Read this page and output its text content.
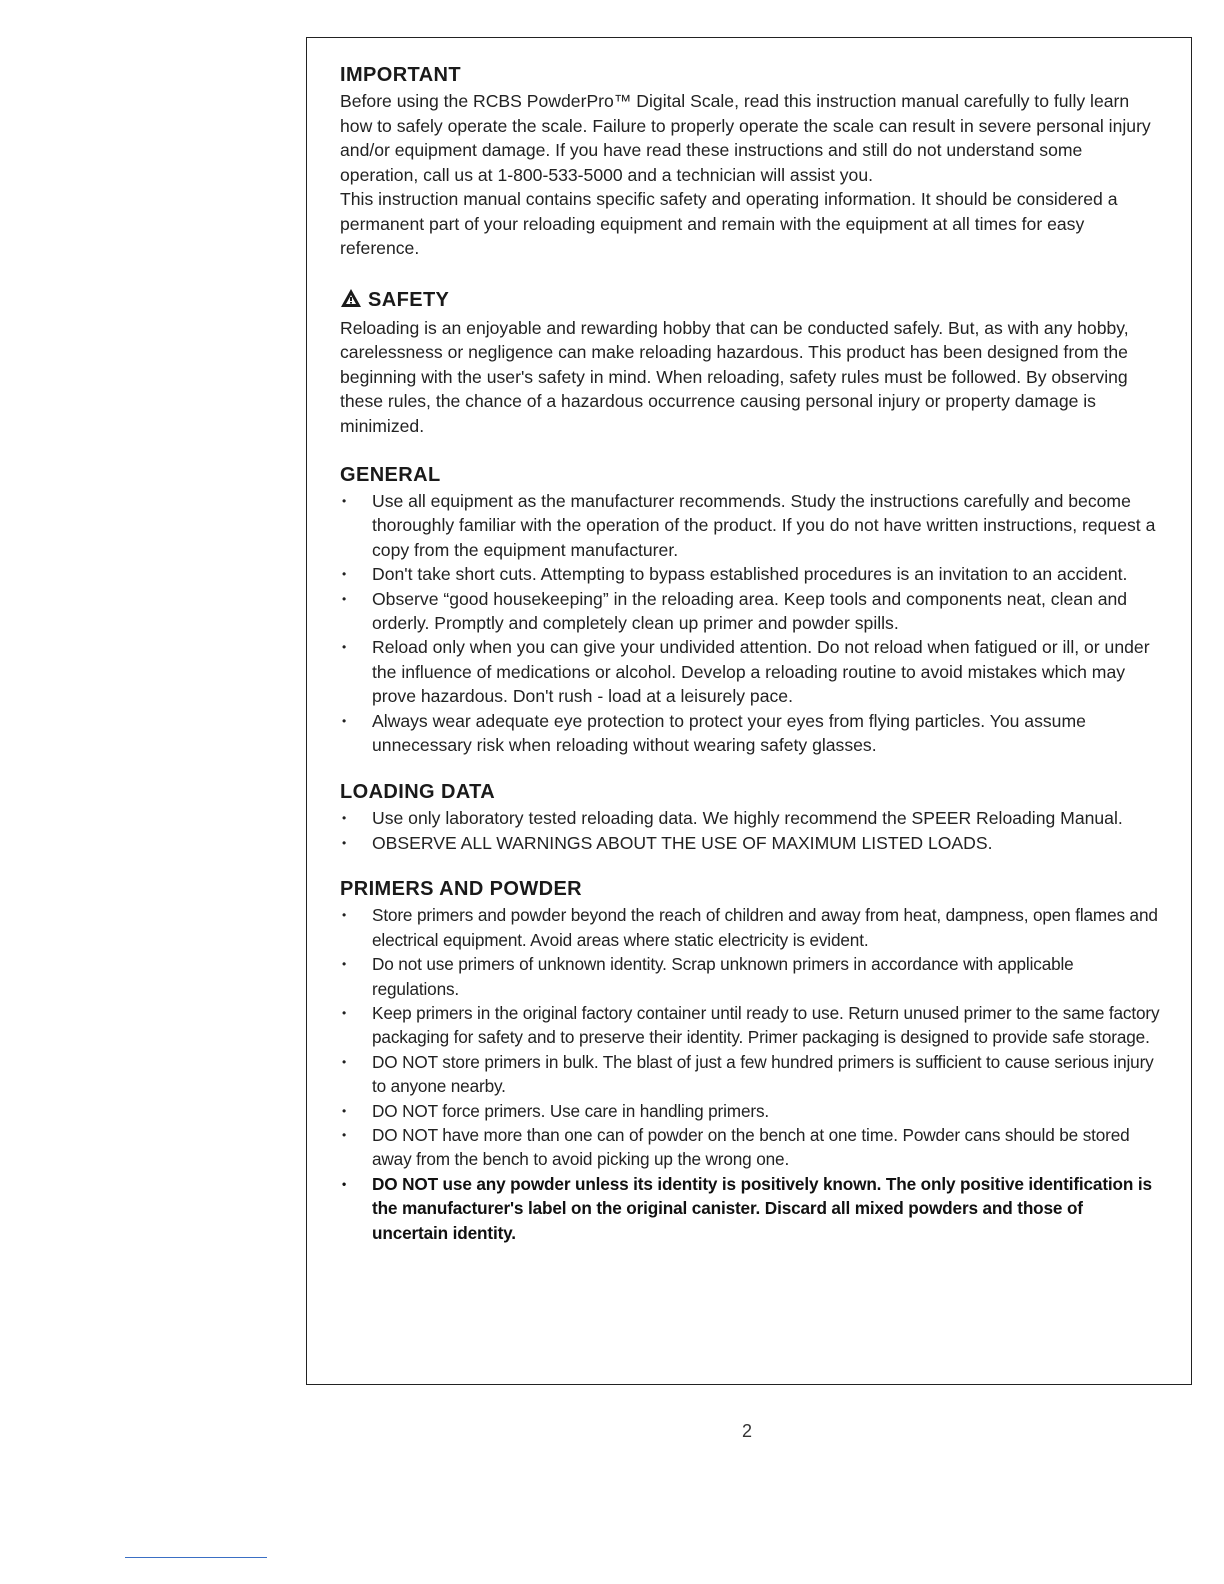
IMPORTANT

Before using the RCBS PowderPro™ Digital Scale, read this instruction manual carefully to fully learn how to safely operate the scale. Failure to properly operate the scale can result in severe personal injury and/or equipment damage. If you have read these instructions and still do not understand some operation, call us at 1-800-533-5000 and a technician will assist you.

This instruction manual contains specific safety and operating information. It should be considered a permanent part of your reloading equipment and remain with the equipment at all times for easy reference.

SAFETY

Reloading is an enjoyable and rewarding hobby that can be conducted safely. But, as with any hobby, carelessness or negligence can make reloading hazardous. This product has been designed from the beginning with the user's safety in mind. When reloading, safety rules must be followed. By observing these rules, the chance of a hazardous occurrence causing personal injury or property damage is minimized.

GENERAL
• Use all equipment as the manufacturer recommends. Study the instructions carefully and become thoroughly familiar with the operation of the product. If you do not have written instructions, request a copy from the equipment manufacturer.
• Don't take short cuts. Attempting to bypass established procedures is an invitation to an accident.
• Observe “good housekeeping” in the reloading area. Keep tools and components neat, clean and orderly. Promptly and completely clean up primer and powder spills.
• Reload only when you can give your undivided attention. Do not reload when fatigued or ill, or under the influence of medications or alcohol. Develop a reloading routine to avoid mistakes which may prove hazardous. Don't rush - load at a leisurely pace.
• Always wear adequate eye protection to protect your eyes from flying particles. You assume unnecessary risk when reloading without wearing safety glasses.
LOADING DATA
• Use only laboratory tested reloading data. We highly recommend the SPEER Reloading Manual.
• OBSERVE ALL WARNINGS ABOUT THE USE OF MAXIMUM LISTED LOADS.
PRIMERS AND POWDER
• Store primers and powder beyond the reach of children and away from heat, dampness, open flames and electrical equipment. Avoid areas where static electricity is evident.
• Do not use primers of unknown identity. Scrap unknown primers in accordance with applicable regulations.
• Keep primers in the original factory container until ready to use. Return unused primer to the same factory packaging for safety and to preserve their identity. Primer packaging is designed to provide safe storage.
• DO NOT store primers in bulk. The blast of just a few hundred primers is sufficient to cause serious injury to anyone nearby.
• DO NOT force primers. Use care in handling primers.
• DO NOT have more than one can of powder on the bench at one time. Powder cans should be stored away from the bench to avoid picking up the wrong one.
• DO NOT use any powder unless its identity is positively known. The only positive identification is the manufacturer's label on the original canister. Discard all mixed powders and those of uncertain identity.
2
